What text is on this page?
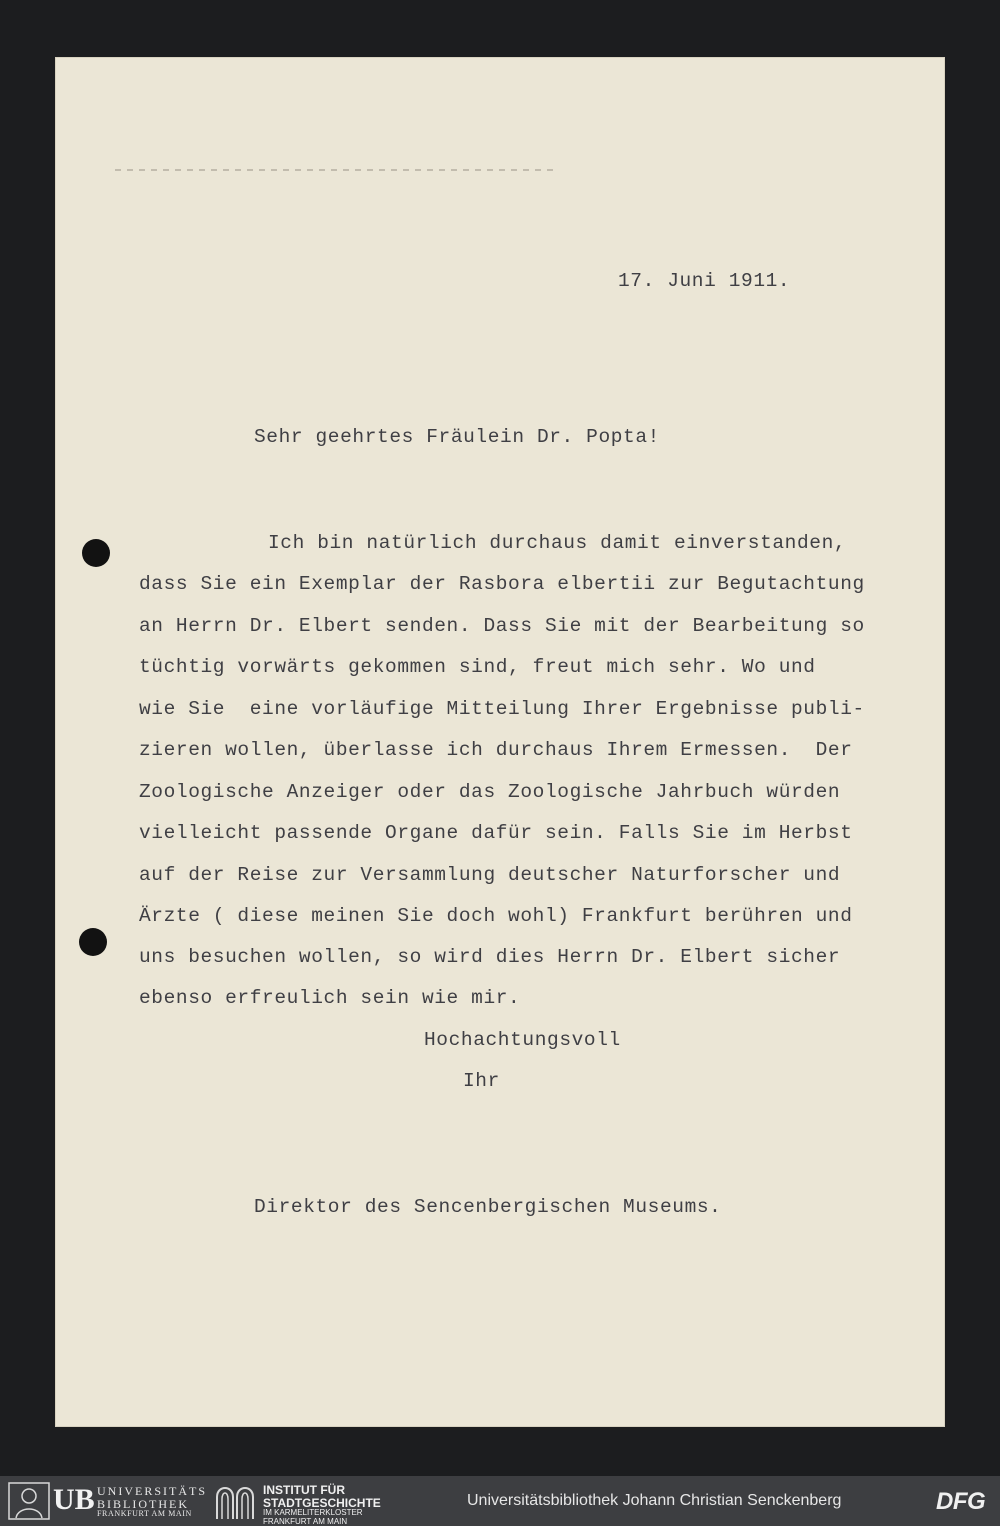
17. Juni 1911.

Sehr geehrtes Fräulein Dr. Popta!

Ich bin natürlich durchaus damit einverstanden,

dass Sie ein Exemplar der Rasbora elbertii zur Begutachtung

an Herrn Dr. Elbert senden. Dass Sie mit der Bearbeitung so

tüchtig vorwärts gekommen sind, freut mich sehr. Wo und

wie Sie  eine vorläufige Mitteilung Ihrer Ergebnisse publi-

zieren wollen, überlasse ich durchaus Ihrem Ermessen.  Der

Zoologische Anzeiger oder das Zoologische Jahrbuch würden

vielleicht passende Organe dafür sein. Falls Sie im Herbst

auf der Reise zur Versammlung deutscher Naturforscher und

Ärzte ( diese meinen Sie doch wohl) Frankfurt berühren und

uns besuchen wollen, so wird dies Herrn Dr. Elbert sicher

ebenso erfreulich sein wie mir.

Hochachtungsvoll

Ihr

Direktor des Sencenbergischen Museums.

UB UNIVERSITÄTS
BIBLIOTHEK
FRANKFURT AM MAIN
INSTITUT FÜR
STADTGESCHICHTE
IM KARMELITERKLOSTER
FRANKFURT AM MAIN
Universitätsbibliothek Johann Christian Senckenberg	DFG
